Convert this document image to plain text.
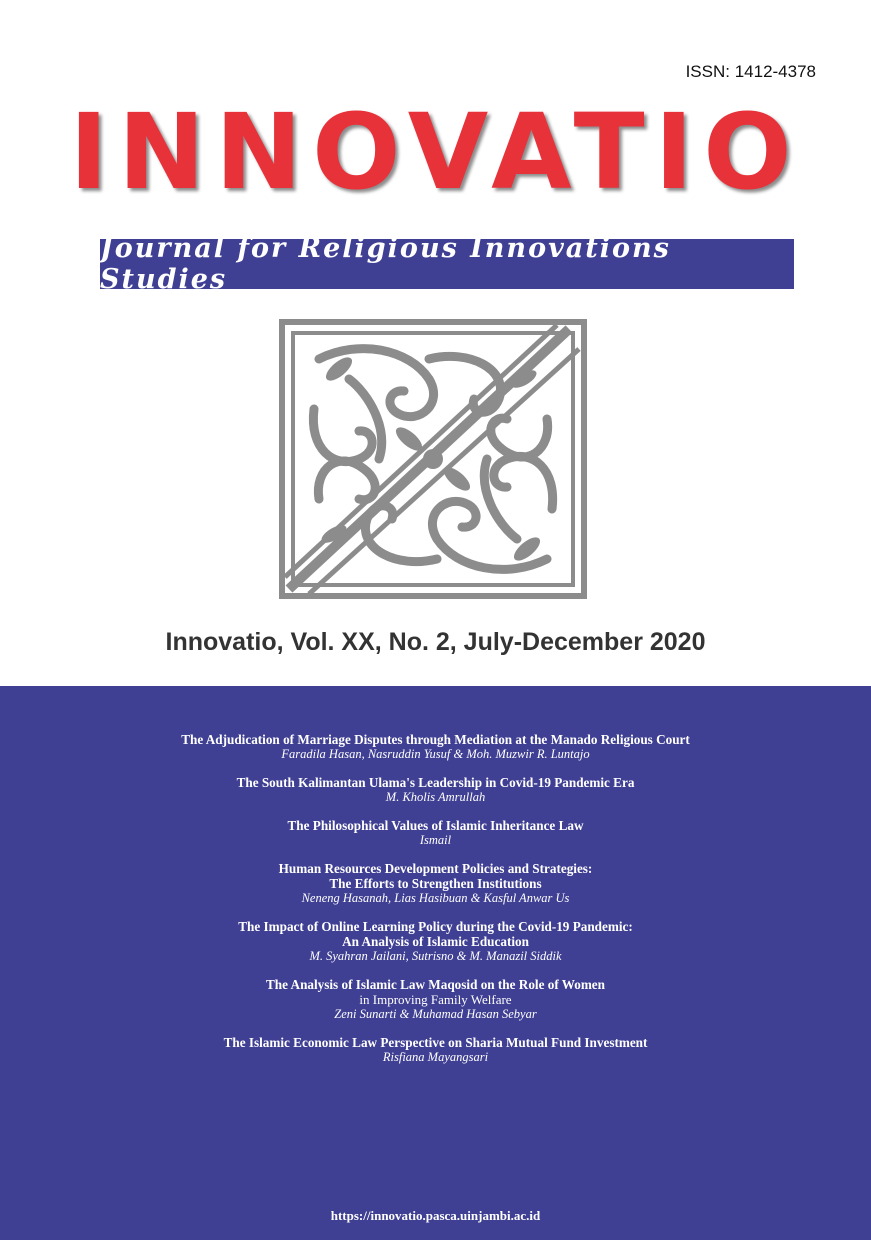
ISSN: 1412-4378
INNOVATIO
Journal for Religious Innovations Studies
Innovatio, Vol. XX, No. 2, July-December 2020
The Adjudication of Marriage Disputes through Mediation at the Manado Religious Court
Faradila Hasan, Nasruddin Yusuf & Moh. Muzwir R. Luntajo
The South Kalimantan Ulama's Leadership in Covid-19 Pandemic Era
M. Kholis Amrullah
The Philosophical Values of Islamic Inheritance Law
Ismail
Human Resources Development Policies and Strategies:
The Efforts to Strengthen Institutions
Neneng Hasanah, Lias Hasibuan & Kasful Anwar Us
The Impact of Online Learning Policy during the Covid-19 Pandemic:
An Analysis of Islamic Education
M. Syahran Jailani, Sutrisno & M. Manazil Siddik
The Analysis of Islamic Law Maqosid on the Role of Women
in Improving Family Welfare
Zeni Sunarti & Muhamad Hasan Sebyar
The Islamic Economic Law Perspective on Sharia Mutual Fund Investment
Risfiana Mayangsari
https://innovatio.pasca.uinjambi.ac.id
